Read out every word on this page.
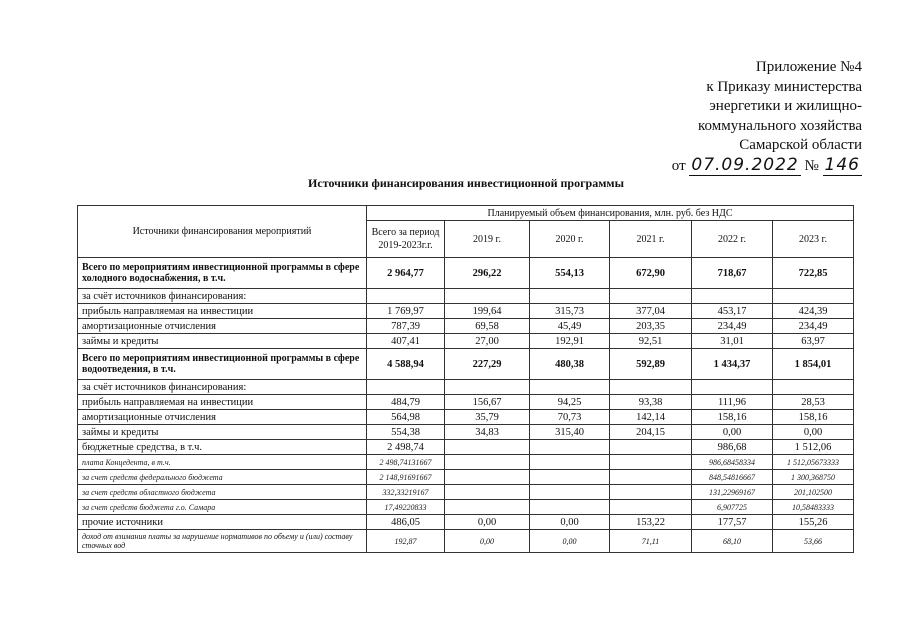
Приложение №4
к Приказу министерства
энергетики и жилищно-
коммунального хозяйства
Самарской области
от 07.09.2022 № 146
Источники финансирования инвестиционной программы
Источники финансирования мероприятий	Планируемый объем финансирования, млн. руб. без НДС					
	Всего за период 2019-2023г.г.	2019 г.	2020 г.	2021 г.	2022 г.	2023 г.
Всего по мероприятиям инвестиционной программы в сфере холодного водоснабжения, в т.ч.	2 964,77	296,22	554,13	672,90	718,67	722,85
за счёт источников финансирования:						
прибыль направляемая на инвестиции	1 769,97	199,64	315,73	377,04	453,17	424,39
амортизационные отчисления	787,39	69,58	45,49	203,35	234,49	234,49
займы и кредиты	407,41	27,00	192,91	92,51	31,01	63,97
Всего по мероприятиям инвестиционной программы в сфере водоотведения, в т.ч.	4 588,94	227,29	480,38	592,89	1 434,37	1 854,01
за счёт источников финансирования:						
прибыль направляемая на инвестиции	484,79	156,67	94,25	93,38	111,96	28,53
амортизационные отчисления	564,98	35,79	70,73	142,14	158,16	158,16
займы и кредиты	554,38	34,83	315,40	204,15	0,00	0,00
бюджетные средства, в т.ч.	2 498,74				986,68	1 512,06
плата Концедента, в т.ч.	2 498,74131667				986,68458334	1 512,05673333
за счет средств федерального бюджета	2 148,91691667				848,54816667	1 300,368750
за счет средств областного бюджета	332,33219167				131,22969167	201,102500
за счет средств бюджета г.о. Самара	17,49220833				6,907725	10,58483333
прочие источники	486,05	0,00	0,00	153,22	177,57	155,26
доход от взимания платы за нарушение нормативов по объему и (или) составу сточных вод	192,87	0,00	0,00	71,11	68,10	53,66
